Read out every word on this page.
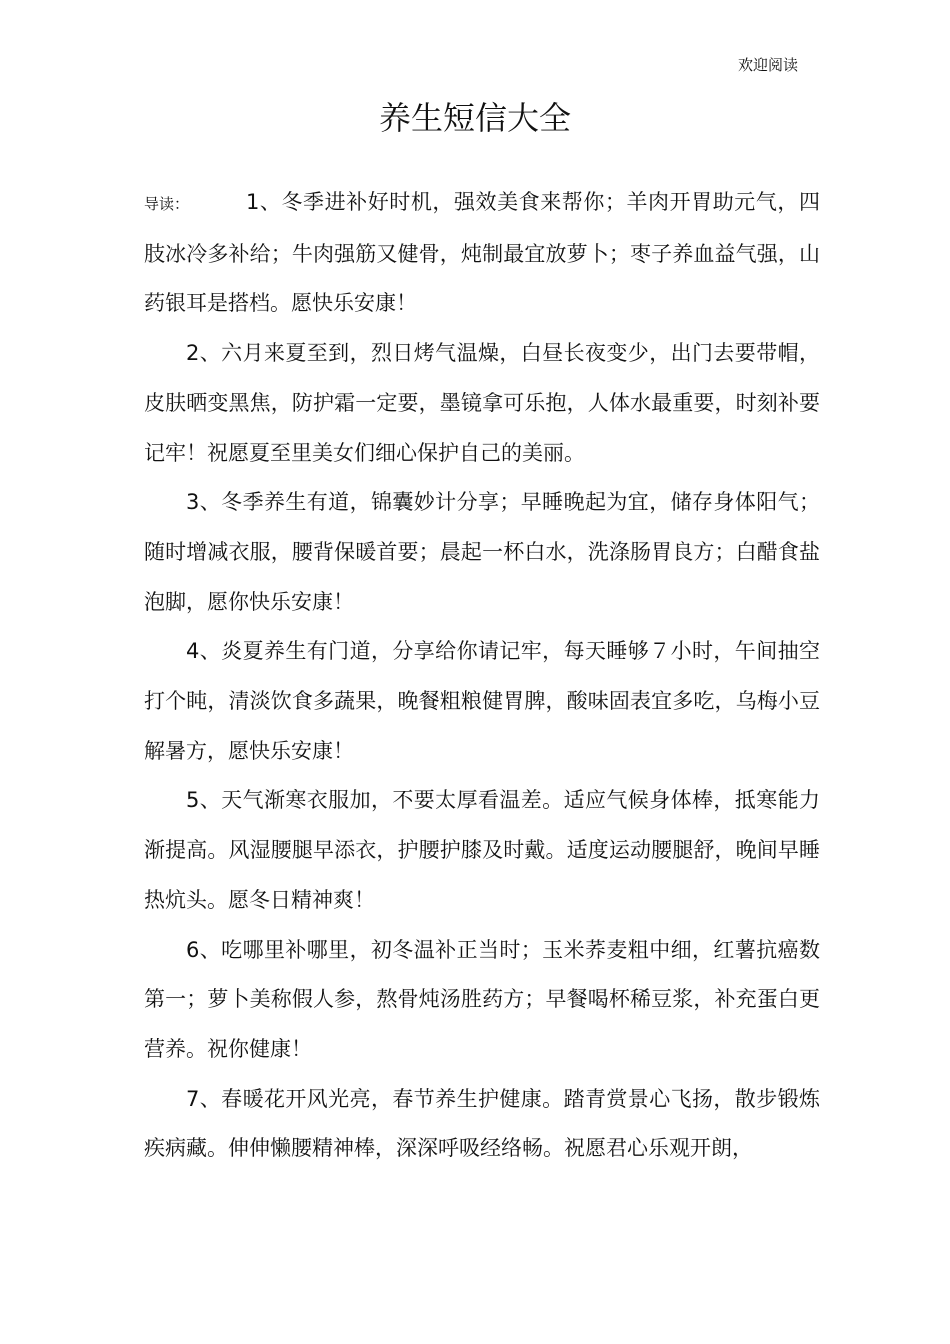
欢迎阅读
养生短信大全

导读：	1、冬季进补好时机，强效美食来帮你；羊肉开胃助元气，四肢冰冷多补给；牛肉强筋又健骨，炖制最宜放萝卜；枣子养血益气强，山药银耳是搭档。愿快乐安康！

2、六月来夏至到，烈日烤气温燥，白昼长夜变少，出门去要带帽，皮肤晒变黑焦，防护霜一定要，墨镜拿可乐抱，人体水最重要，时刻补要记牢！祝愿夏至里美女们细心保护自己的美丽。

3、冬季养生有道，锦囊妙计分享；早睡晚起为宜，储存身体阳气；随时增减衣服，腰背保暖首要；晨起一杯白水，洗涤肠胃良方；白醋食盐泡脚，愿你快乐安康！

4、炎夏养生有门道，分享给你请记牢，每天睡够７小时，午间抽空打个盹，清淡饮食多蔬果，晚餐粗粮健胃脾，酸味固表宜多吃，乌梅小豆解暑方，愿快乐安康！

5、天气渐寒衣服加，不要太厚看温差。适应气候身体棒，抵寒能力渐提高。风湿腰腿早添衣，护腰护膝及时戴。适度运动腰腿舒，晚间早睡热炕头。愿冬日精神爽！

6、吃哪里补哪里，初冬温补正当时；玉米荞麦粗中细，红薯抗癌数第一；萝卜美称假人参，熬骨炖汤胜药方；早餐喝杯稀豆浆，补充蛋白更营养。祝你健康！

7、春暖花开风光亮，春节养生护健康。踏青赏景心飞扬，散步锻炼疾病藏。伸伸懒腰精神棒，深深呼吸经络畅。祝愿君心乐观开朗，
